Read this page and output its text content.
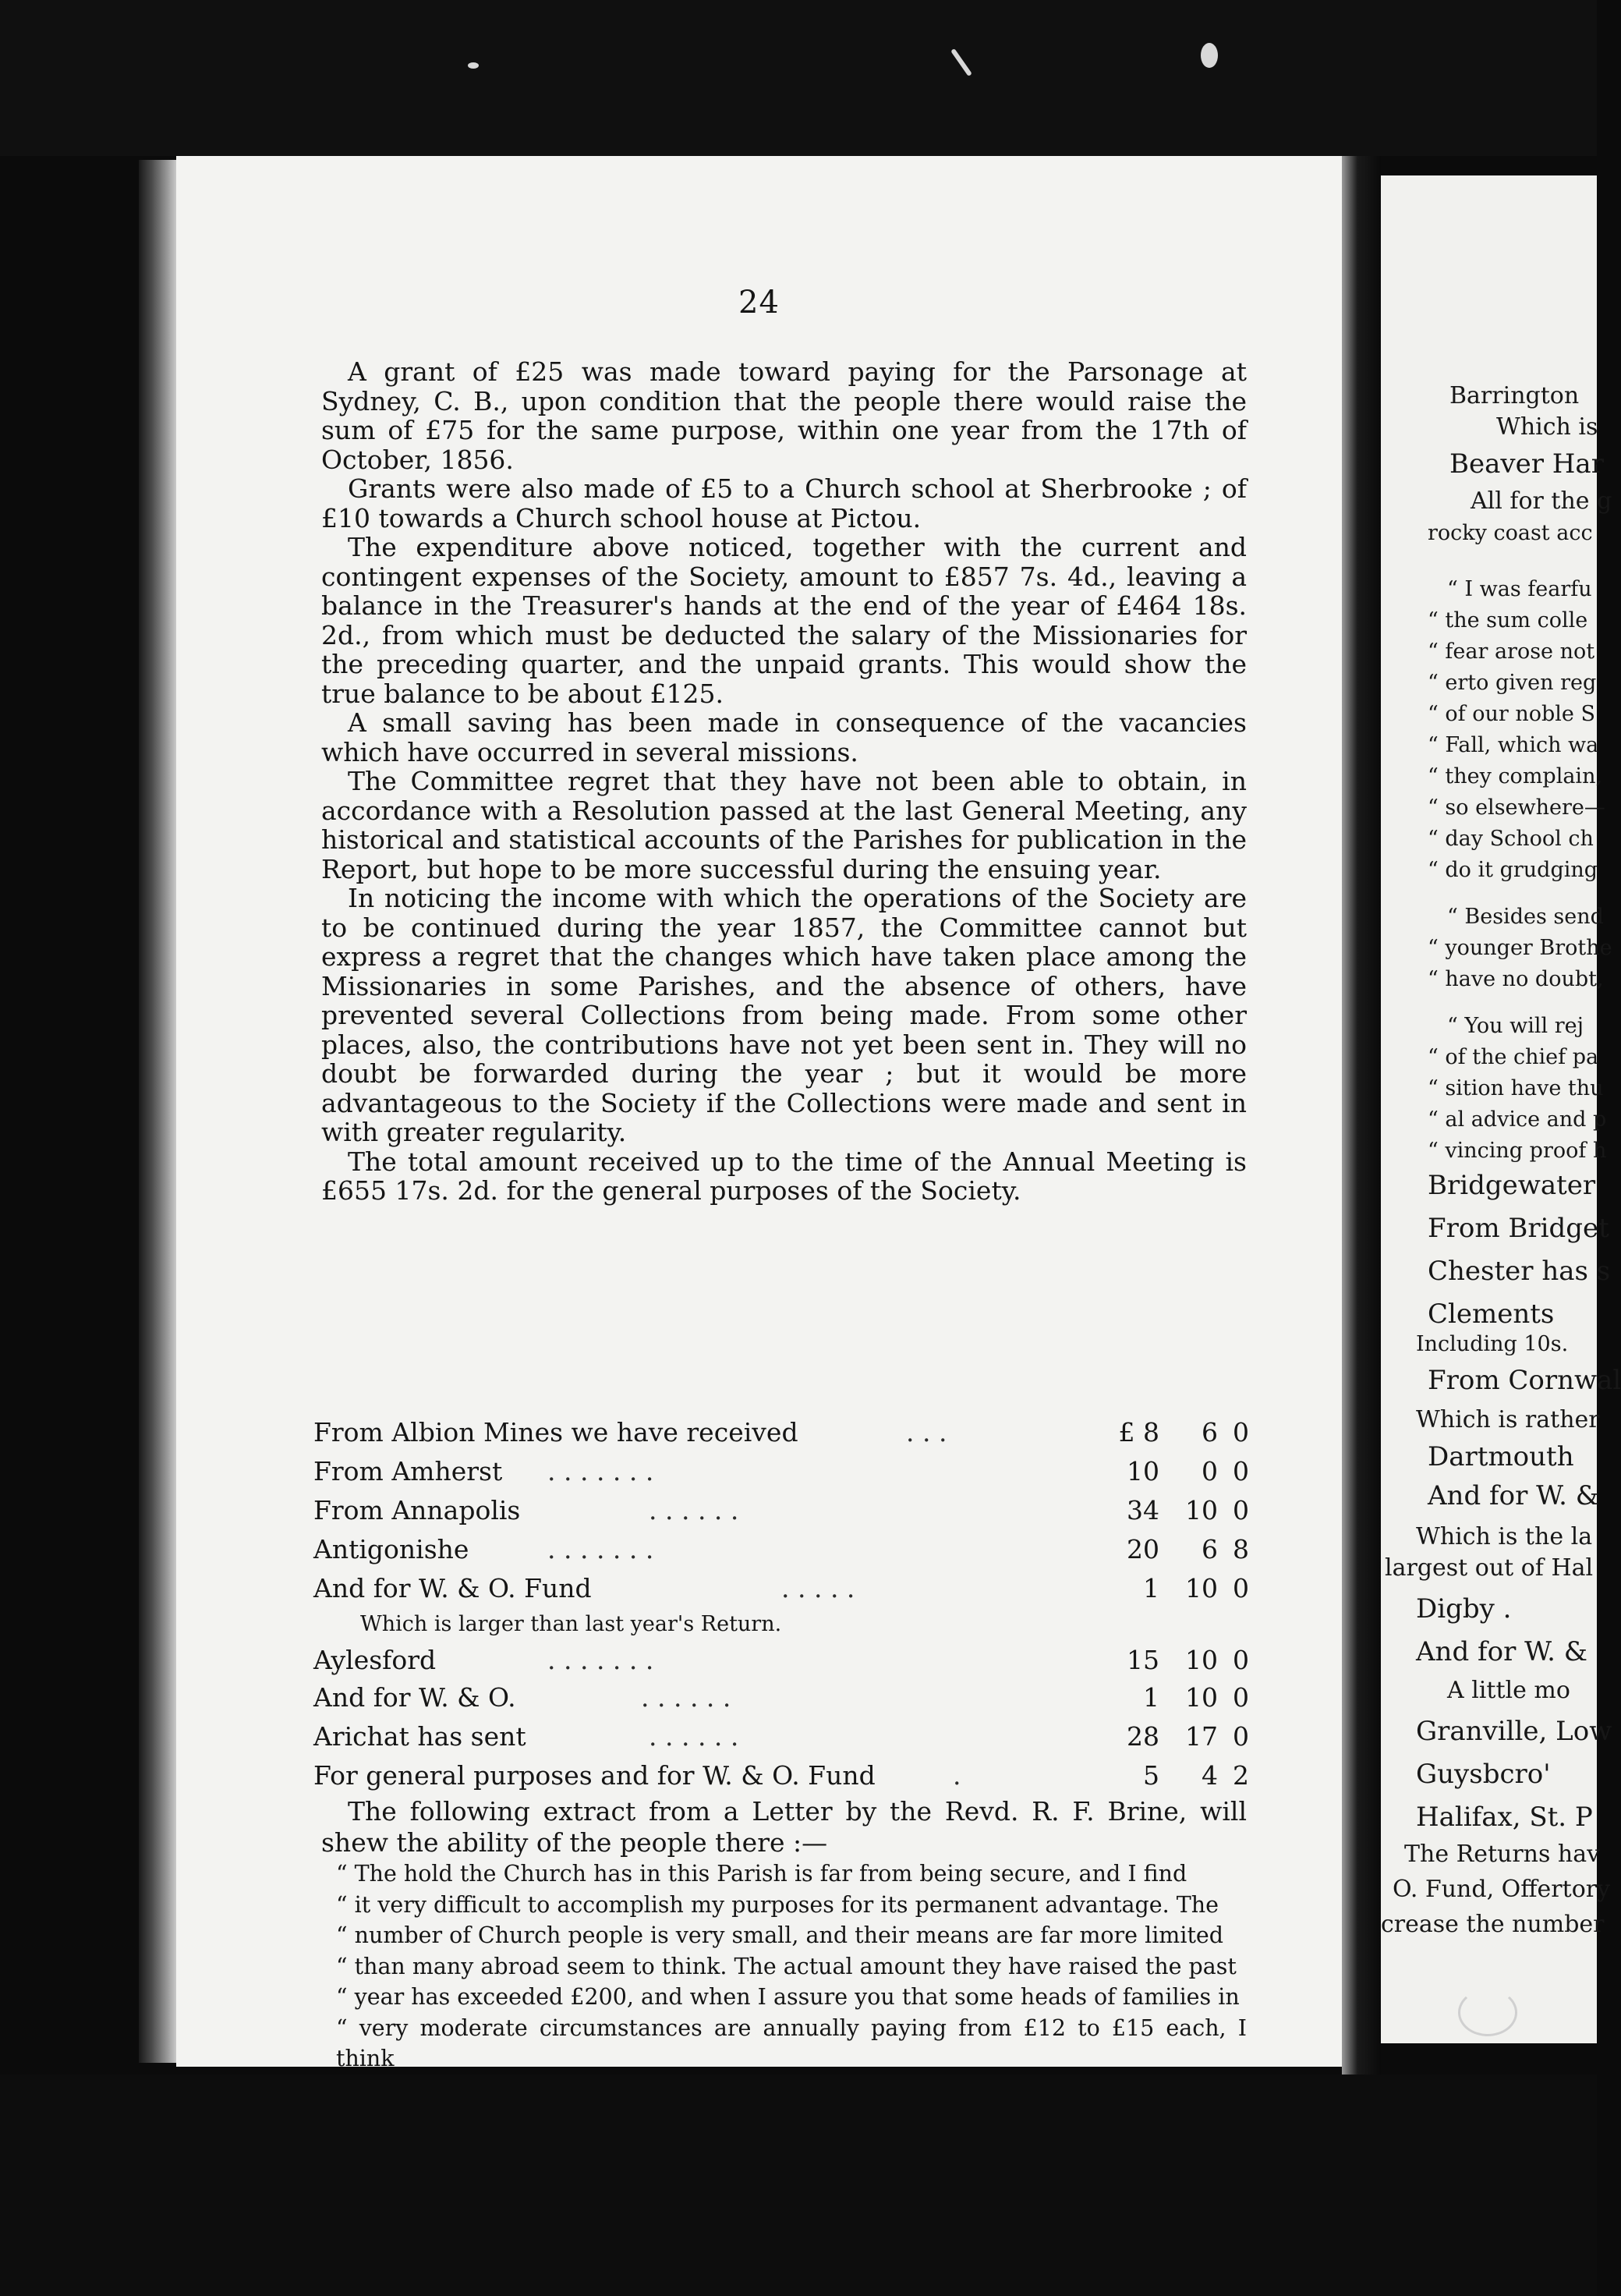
24

A grant of £25 was made toward paying for the Parsonage at Sydney, C. B., upon condition that the people there would raise the sum of £75 for the same purpose, within one year from the 17th of October, 1856.

Grants were also made of £5 to a Church school at Sherbrooke ; of £10 towards a Church school house at Pictou.

The expenditure above noticed, together with the current and contingent expenses of the Society, amount to £857 7s. 4d., leaving a balance in the Treasurer's hands at the end of the year of £464 18s. 2d., from which must be deducted the salary of the Missionaries for the preceding quarter, and the unpaid grants. This would show the true balance to be about £125.

A small saving has been made in consequence of the vacancies which have occurred in several missions.

The Committee regret that they have not been able to obtain, in accordance with a Resolution passed at the last General Meeting, any historical and statistical accounts of the Parishes for publication in the Report, but hope to be more successful during the ensuing year.

In noticing the income with which the operations of the Society are to be continued during the year 1857, the Committee cannot but express a regret that the changes which have taken place among the Missionaries in some Parishes, and the absence of others, have prevented several Collections from being made. From some other places, also, the contributions have not yet been sent in. They will no doubt be forwarded during the year ; but it would be more advantageous to the Society if the Collections were made and sent in with greater regularity.

The total amount received up to the time of the Annual Meeting is £655 17s. 2d. for the general purposes of the Society.

From Albion Mines we have received	. . .	£ 8	6 0
From Amherst . . . . . . .	10	0 0
From Annapolis	. . . . . .	34	10 0
Antigonishe	. . . . . . .	20	6 8
And for W. & O. Fund	. . . . .	1	10 0
Which is larger than last year's Return.
Aylesford	. . . . . . .	15	10 0
And for W. & O.	. . . . . .	1	10 0
Arichat has sent	. . . . . .	28	17 0
For general purposes and for W. & O. Fund	.	5	4 2

The following extract from a Letter by the Revd. R. F. Brine, will shew the ability of the people there :—

“ The hold the Church has in this Parish is far from being secure, and I find

“ it very difficult to accomplish my purposes for its permanent advantage. The

“ number of Church people is very small, and their means are far more limited

“ than many abroad seem to think. The actual amount they have raised the past

“ year has exceeded £200, and when I assure you that some heads of families in

“ very moderate circumstances are annually paying from £12 to £15 each, I think

Barrington
Which is
Beaver Har
All for the g
rocky coast acc
“ I was fearfu
“ the sum colle
“ fear arose not
“ erto given reg
“ of our noble S
“ Fall, which wa
“ they complain,
“ so elsewhere—
“ day School ch
“ do it grudging
“ Besides send
“ younger Brothe
“ have no doubt,
“ You will rej
“ of the chief pa
“ sition have thu
“ al advice and p
“ vincing proof h
Bridgewater
From Bridget
Chester has s
Clements
Including 10s.
From Cornwal
Which is rather
Dartmouth
And for W. &
Which is the la
largest out of Hal
Digby .
And for W. &
A little mo
Granville, Low
Guysbcro'
Halifax, St. P
The Returns hav
O. Fund, Offertory
crease the number
